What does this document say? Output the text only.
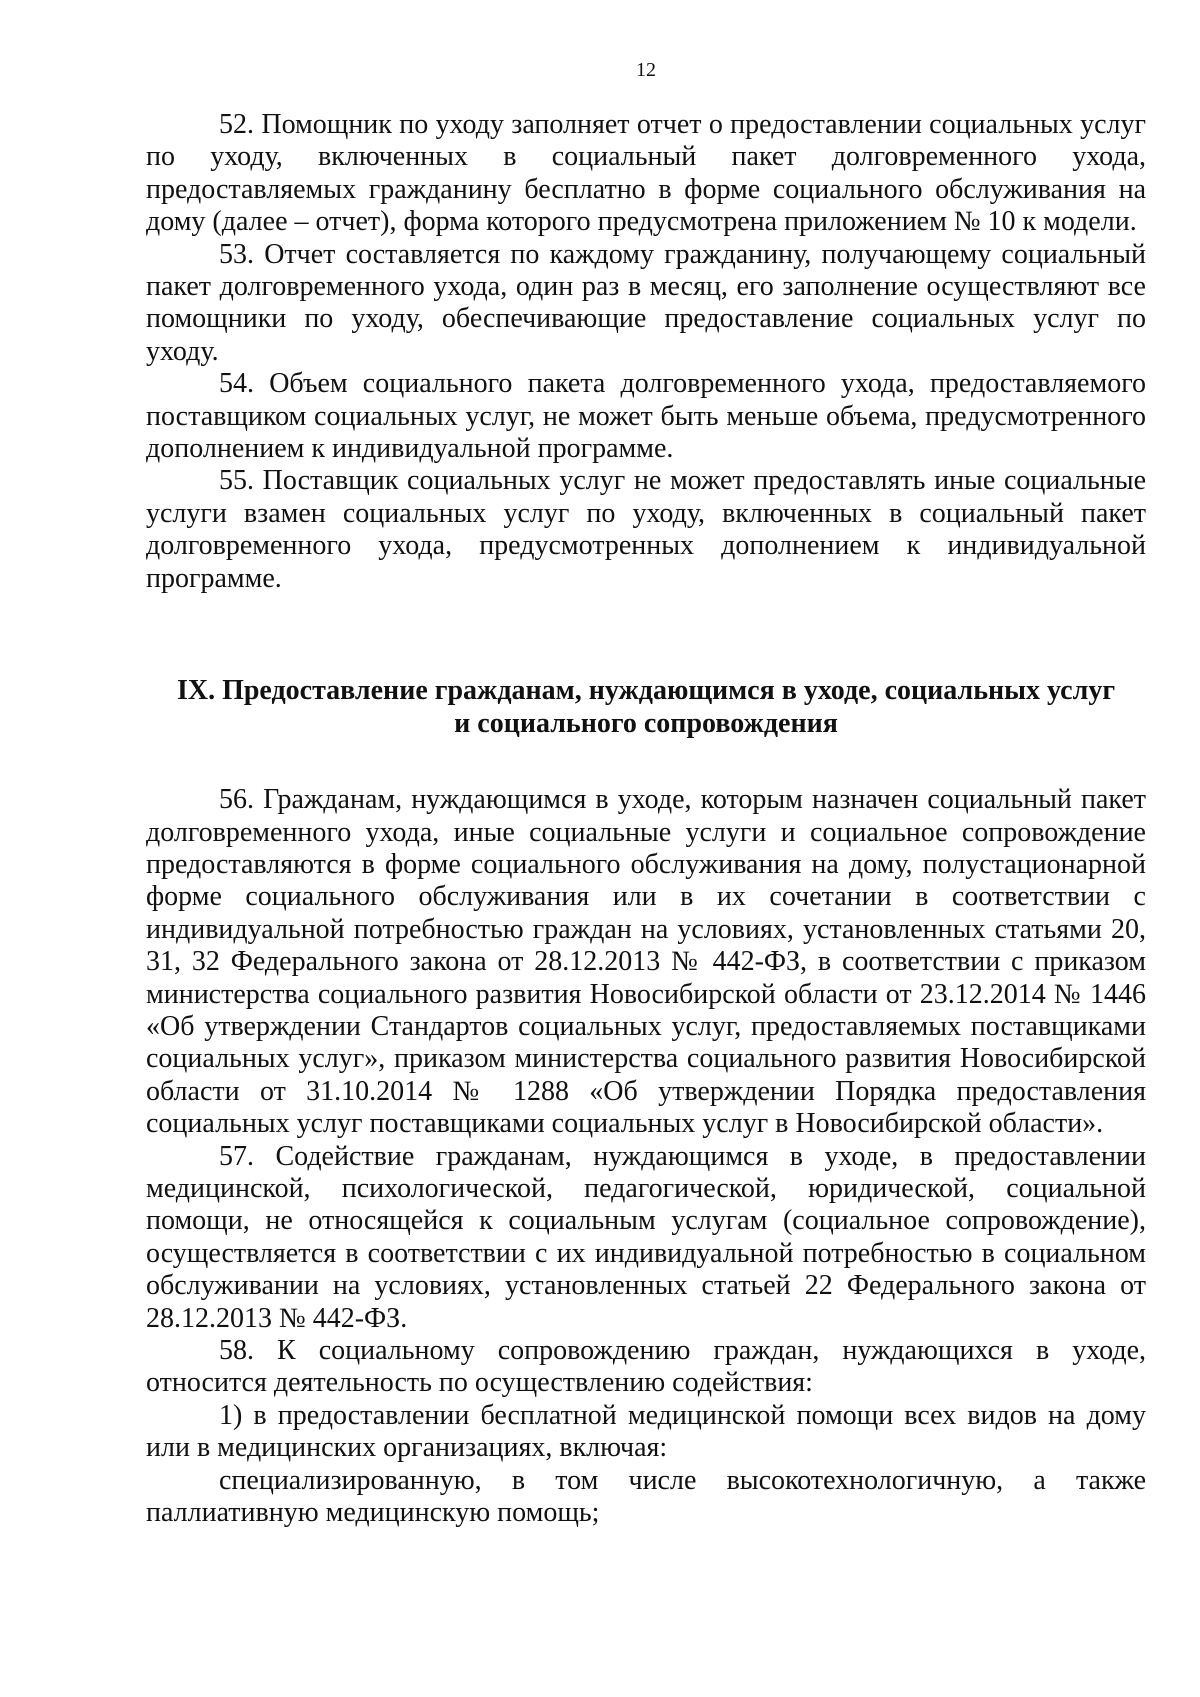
12

52. Помощник по уходу заполняет отчет о предоставлении социальных услуг по уходу, включенных в социальный пакет долговременного ухода, предоставляемых гражданину бесплатно в форме социального обслуживания на дому (далее – отчет), форма которого предусмотрена приложением № 10 к модели.

53. Отчет составляется по каждому гражданину, получающему социальный пакет долговременного ухода, один раз в месяц, его заполнение осуществляют все помощники по уходу, обеспечивающие предоставление социальных услуг по уходу.

54. Объем социального пакета долговременного ухода, предоставляемого поставщиком социальных услуг, не может быть меньше объема, предусмотренного дополнением к индивидуальной программе.

55. Поставщик социальных услуг не может предоставлять иные социальные услуги взамен социальных услуг по уходу, включенных в социальный пакет долговременного ухода, предусмотренных дополнением к индивидуальной программе.

IX. Предоставление гражданам, нуждающимся в уходе, социальных услуг
и социального сопровождения

56. Гражданам, нуждающимся в уходе, которым назначен социальный пакет долговременного ухода, иные социальные услуги и социальное сопровождение предоставляются в форме социального обслуживания на дому, полустационарной форме социального обслуживания или в их сочетании в соответствии с индивидуальной потребностью граждан на условиях, установленных статьями 20, 31, 32 Федерального закона от 28.12.2013 № 442-ФЗ, в соответствии с приказом министерства социального развития Новосибирской области от 23.12.2014 № 1446 «Об утверждении Стандартов социальных услуг, предоставляемых поставщиками социальных услуг», приказом министерства социального развития Новосибирской области от 31.10.2014 № 1288 «Об утверждении Порядка предоставления социальных услуг поставщиками социальных услуг в Новосибирской области».

57. Содействие гражданам, нуждающимся в уходе, в предоставлении медицинской, психологической, педагогической, юридической, социальной помощи, не относящейся к социальным услугам (социальное сопровождение), осуществляется в соответствии с их индивидуальной потребностью в социальном обслуживании на условиях, установленных статьей 22 Федерального закона от 28.12.2013 № 442-ФЗ.

58. К социальному сопровождению граждан, нуждающихся в уходе, относится деятельность по осуществлению содействия:

1) в предоставлении бесплатной медицинской помощи всех видов на дому или в медицинских организациях, включая:

специализированную, в том числе высокотехнологичную, а также паллиативную медицинскую помощь;
